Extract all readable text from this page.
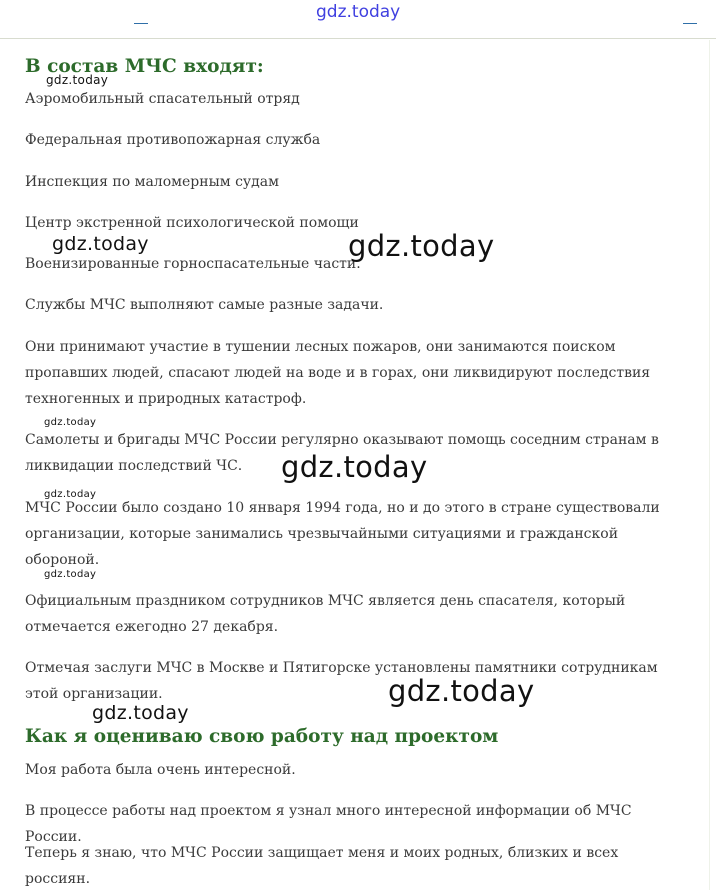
gdz.today
В состав МЧС входят:

Аэромобильный спасательный отряд

Федеральная противопожарная служба

Инспекция по маломерным судам

Центр экстренной психологической помощи

Военизированные горноспасательные части.

Службы МЧС выполняют самые разные задачи.

Они принимают участие в тушении лесных пожаров, они занимаются поиском пропавших людей, спасают людей на воде и в горах, они ликвидируют последствия техногенных и природных катастроф.

Самолеты и бригады МЧС России регулярно оказывают помощь соседним странам в ликвидации последствий ЧС.

МЧС России было создано 10 января 1994 года, но и до этого в стране существовали организации, которые занимались чрезвычайными ситуациями и гражданской обороной.

Официальным праздником сотрудников МЧС является день спасателя, который отмечается ежегодно 27 декабря.

Отмечая заслуги МЧС в Москве и Пятигорске установлены памятники сотрудникам этой организации.

Как я оцениваю свою работу над проектом

Моя работа была очень интересной.

В процессе работы над проектом я узнал много интересной информации об МЧС России.

Теперь я знаю, что МЧС России защищает меня и моих родных, близких и всех россиян.

gdz.today
gdz.today	gdz.today
gdz.today
gdz.today
gdz.today
gdz.today
gdz.today
gdz.today
